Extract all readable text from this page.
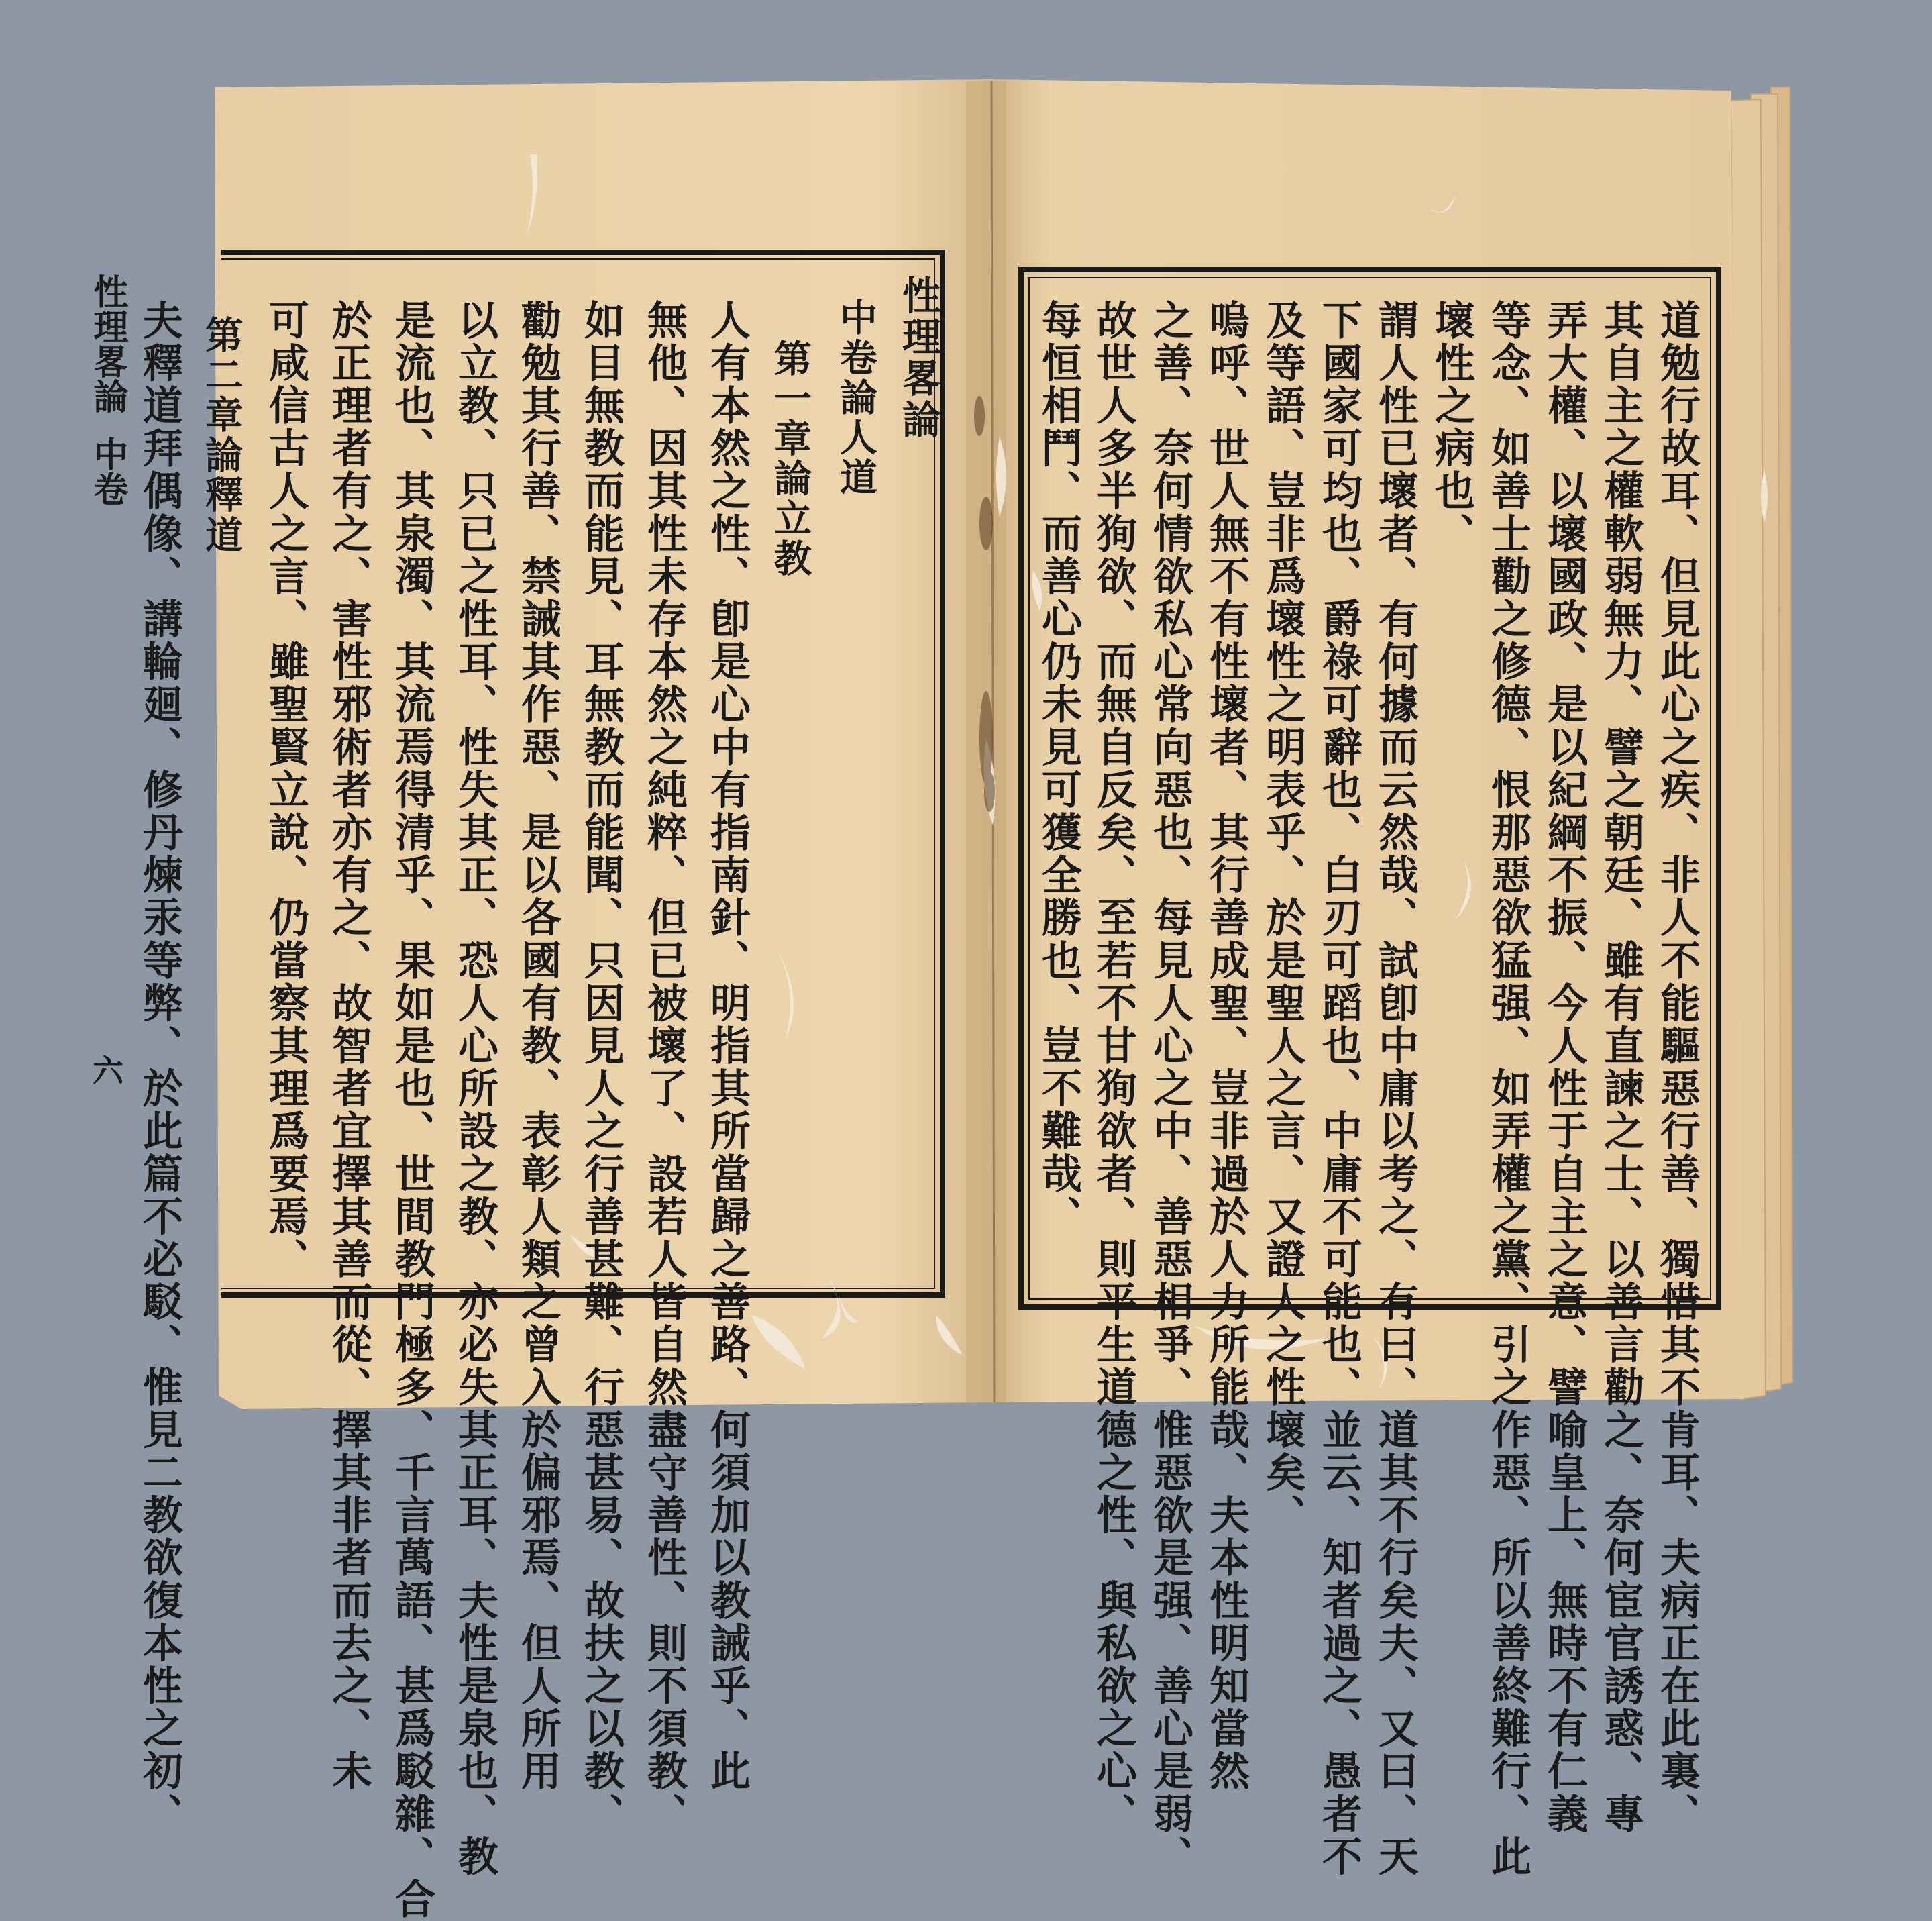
性理畧論
中卷論人道
第一章論立教
人有本然之性、卽是心中有指南針、明指其所當歸之善路、何須加以教誡乎、此
無他、因其性未存本然之純粹、但已被壞了、設若人皆自然盡守善性、則不須教、
如目無教而能見、耳無教而能聞、只因見人之行善甚難、行惡甚易、故扶之以教、
勸勉其行善、禁誡其作惡、是以各國有教、表彰人類之曾入於偏邪焉、但人所用
以立教、只已之性耳、性失其正、恐人心所設之教、亦必失其正耳、夫性是泉也、教
是流也、其泉濁、其流焉得清乎、果如是也、世間教門極多、千言萬語、甚爲駁雜、合
於正理者有之、害性邪術者亦有之、故智者宜擇其善而從、擇其非者而去之、未
可咸信古人之言、雖聖賢立說、仍當察其理爲要焉、
第二章論釋道
夫釋道拜偶像、講輪廻、修丹煉汞等弊、於此篇不必駁、惟見二教欲復本性之初、
性理畧論
中卷
六	道勉行故耳、但見此心之疾、非人不能驅惡行善、獨惜其不肯耳、夫病正在此裏、
其自主之權軟弱無力、譬之朝廷、雖有直諫之士、以善言勸之、奈何宦官誘惑、專
弄大權、以壞國政、是以紀綱不振、今人性于自主之意、譬喻皇上、無時不有仁義
等念、如善士勸之修德、恨那惡欲猛强、如弄權之黨、引之作惡、所以善終難行、此
壞性之病也、
謂人性已壞者、有何據而云然哉、試卽中庸以考之、有曰、道其不行矣夫、又曰、天
下國家可均也、爵祿可辭也、白刃可蹈也、中庸不可能也、並云、知者過之、愚者不
及等語、豈非爲壞性之明表乎、於是聖人之言、又證人之性壞矣、
嗚呼、世人無不有性壞者、其行善成聖、豈非過於人力所能哉、夫本性明知當然
之善、奈何情欲私心常向惡也、每見人心之中、善惡相爭、惟惡欲是强、善心是弱、
故世人多半狥欲、而無自反矣、至若不甘狥欲者、則平生道德之性、與私欲之心、
每恒相鬥、而善心仍未見可獲全勝也、豈不難哉、
